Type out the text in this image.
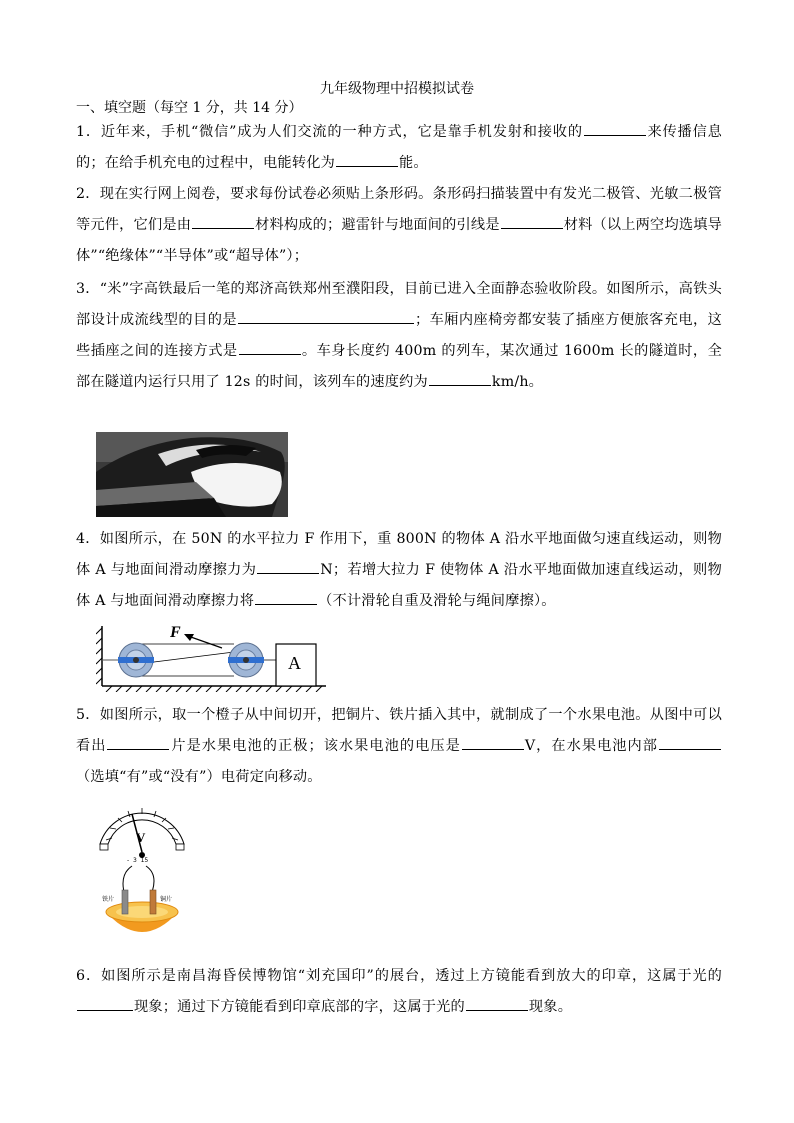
九年级物理中招模拟试卷
一、填空题（每空 1 分，共 14 分）
1．近年来，手机“微信”成为人们交流的一种方式，它是靠手机发射和接收的	来传播信息的；在给手机充电的过程中，电能转化为	能。
2．现在实行网上阅卷，要求每份试卷必须贴上条形码。条形码扫描装置中有发光二极管、光敏二极管等元件，它们是由	材料构成的；避雷针与地面间的引线是	材料（以上两空均选填导体”“绝缘体”“半导体”或“超导体”）；
3．“米”字高铁最后一笔的郑济高铁郑州至濮阳段，目前已进入全面静态验收阶段。如图所示，高铁头部设计成流线型的目的是	；车厢内座椅旁都安装了插座方便旅客充电，这些插座之间的连接方式是	。车身长度约 400m 的列车，某次通过 1600m 长的隧道时，全部在隧道内运行只用了 12s 的时间，该列车的速度约为	km/h。
4．如图所示，在 50N 的水平拉力 F 作用下，重 800N 的物体 A 沿水平地面做匀速直线运动，则物体 A 与地面间滑动摩擦力为	N；若增大拉力 F 使物体 A 沿水平地面做加速直线运动，则物体 A 与地面间滑动摩擦力将	（不计滑轮自重及滑轮与绳间摩擦）。
F
A
5．如图所示，取一个橙子从中间切开，把铜片、铁片插入其中，就制成了一个水果电池。从图中可以看出	片是水果电池的正极；该水果电池的电压是	V，在水果电池内部（选填“有”或“没有”）电荷定向移动。
V
-  3  15
铁片	铜片
6．如图所示是南昌海昏侯博物馆“刘充国印”的展台，透过上方镜能看到放大的印章，这属于光的现象；通过下方镜能看到印章底部的字，这属于光的	现象。
